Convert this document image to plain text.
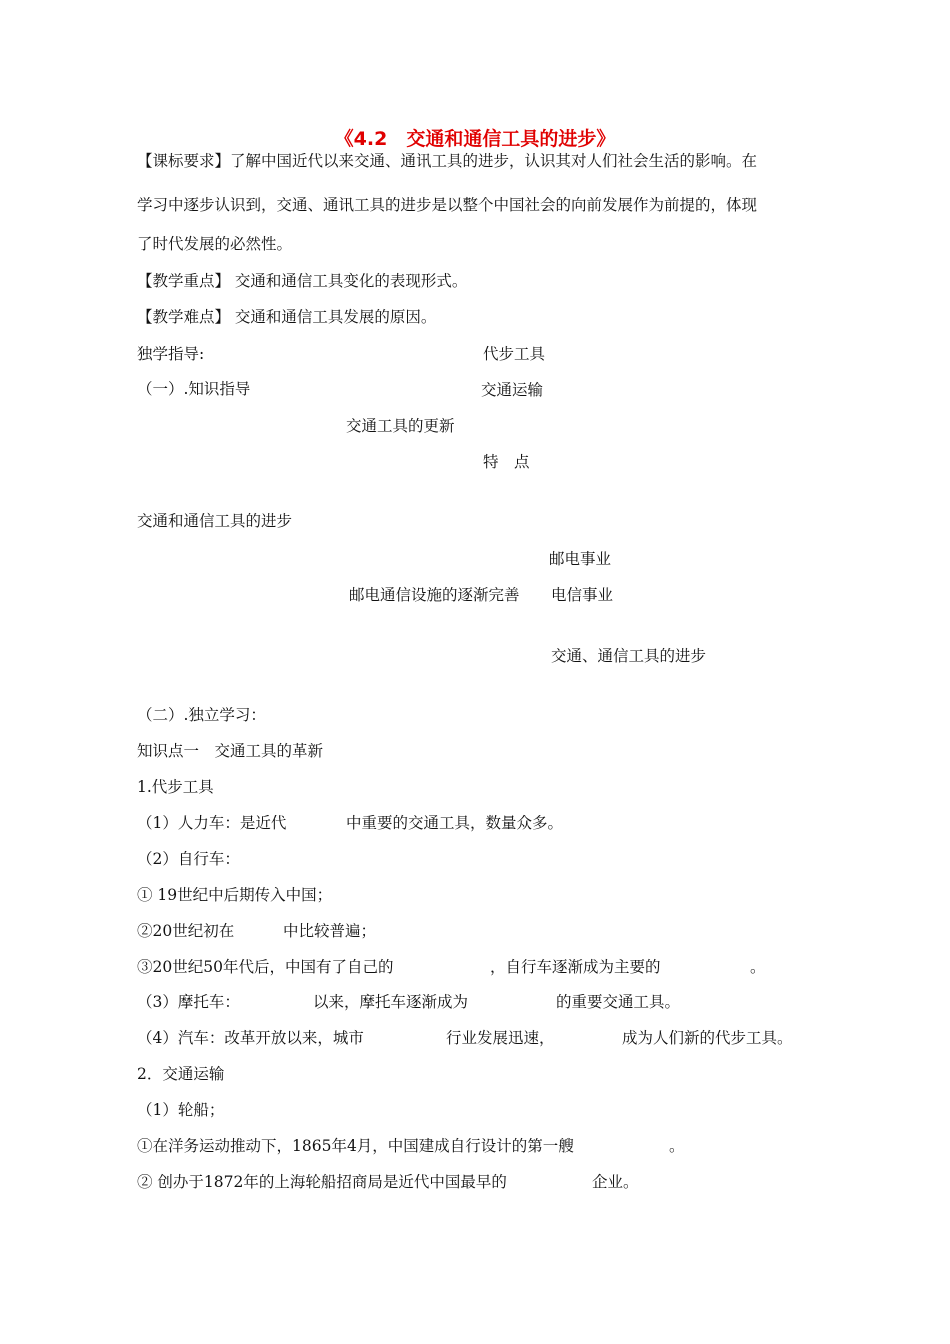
《4.2　交通和通信工具的进步》
【课标要求】了解中国近代以来交通、通讯工具的进步，认识其对人们社会生活的影响。在
学习中逐步认识到，交通、通讯工具的进步是以整个中国社会的向前发展作为前提的，体现
了时代发展的必然性。
【教学重点】 交通和通信工具变化的表现形式。
【教学难点】 交通和通信工具发展的原因。
独学指导:	代步工具
（一）.知识指导	交通运输
交通工具的更新
特　点
交通和通信工具的进步
邮电事业
邮电通信设施的逐渐完善 电信事业
交通、通信工具的进步
（二）.独立学习：
知识点一　交通工具的革新
1.代步工具
（1）人力车：是近代	中重要的交通工具，数量众多。
（2）自行车：
① 19世纪中后期传入中国；
②20世纪初在	中比较普遍；
③20世纪50年代后，中国有了自己的	，自行车逐渐成为主要的	。
（3）摩托车：	以来，摩托车逐渐成为	的重要交通工具。
（4）汽车：改革开放以来，城市	行业发展迅速，	成为人们新的代步工具。
2．交通运输
（1）轮船；
①在洋务运动推动下，1865年4月，中国建成自行设计的第一艘	。
② 创办于1872年的上海轮船招商局是近代中国最早的	企业。
